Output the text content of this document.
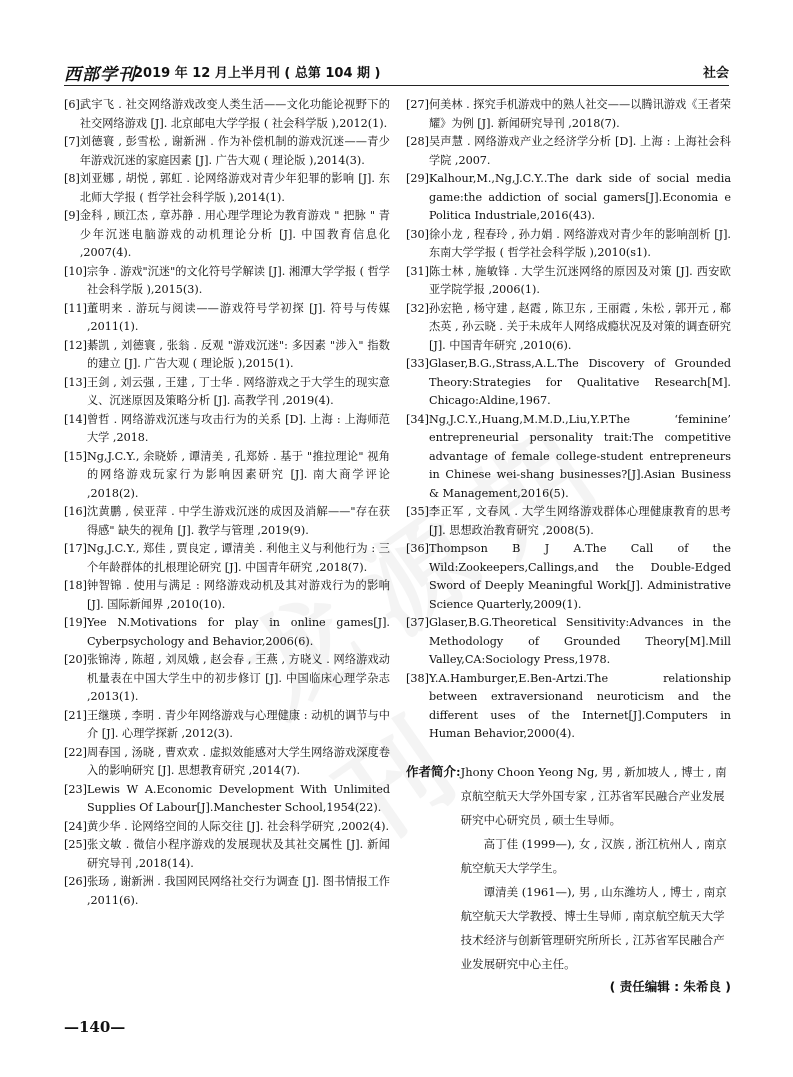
西部学刊
2019 年 12 月上半月刊 ( 总第 104 期 )	社会
[6] 武宇飞 . 社交网络游戏改变人类生活——文化功能论视野下的社交网络游戏 [J]. 北京邮电大学学报 ( 社会科学版 ),2012(1).
[7] 刘德寰 , 彭雪松 , 谢新洲 . 作为补偿机制的游戏沉迷——青少年游戏沉迷的家庭因素 [J]. 广告大观 ( 理论版 ),2014(3).
[8] 刘亚娜 , 胡悦 , 郭虹 . 论网络游戏对青少年犯罪的影响 [J]. 东北师大学报 ( 哲学社会科学版 ),2014(1).
[9] 金科 , 顾江杰 , 章苏静 . 用心理学理论为教育游戏 " 把脉 " 青少年沉迷电脑游戏的动机理论分析 [J]. 中国教育信息化 ,2007(4).
[10] 宗争 . 游戏"沉迷"的文化符号学解读 [J]. 湘潭大学学报 ( 哲学社会科学版 ),2015(3).
[11] 董明来 . 游玩与阅读——游戏符号学初探 [J]. 符号与传媒 ,2011(1).
[12] 綦凯 , 刘德寰 , 张翁 . 反观 "游戏沉迷": 多因素 "涉入" 指数的建立 [J]. 广告大观 ( 理论版 ),2015(1).
[13] 王剑 , 刘云强 , 王建 , 丁士华 . 网络游戏之于大学生的现实意义、沉迷原因及策略分析 [J]. 高教学刊 ,2019(4).
[14] 曾哲 . 网络游戏沉迷与攻击行为的关系 [D]. 上海 : 上海师范大学 ,2018.
[15] Ng,J.C.Y., 余晓娇 , 谭清美 , 孔郑娇 . 基于 "推拉理论" 视角的网络游戏玩家行为影响因素研究 [J]. 南大商学评论 ,2018(2).
[16] 沈黄鹏 , 侯亚萍 . 中学生游戏沉迷的成因及消解——"存在获得感" 缺失的视角 [J]. 教学与管理 ,2019(9).
[17] Ng,J.C.Y., 郑佳 , 贾良定 , 谭清美 . 利他主义与利他行为 : 三个年龄群体的扎根理论研究 [J]. 中国青年研究 ,2018(7).
[18] 钟智锦 . 使用与满足 : 网络游戏动机及其对游戏行为的影响 [J]. 国际新闻界 ,2010(10).
[19] Yee N.Motivations for play in online games[J]. Cyberpsychology and Behavior,2006(6).
[20] 张锦涛 , 陈超 , 刘凤娥 , 赵会春 , 王燕 , 方晓义 . 网络游戏动机量表在中国大学生中的初步修订 [J]. 中国临床心理学杂志 ,2013(1).
[21] 王继瑛 , 李明 . 青少年网络游戏与心理健康 : 动机的调节与中介 [J]. 心理学探新 ,2012(3).
[22] 周春国 , 汤晓 , 曹欢欢 . 虚拟效能感对大学生网络游戏深度卷入的影响研究 [J]. 思想教育研究 ,2014(7).
[23] Lewis W A.Economic Development With Unlimited Supplies Of Labour[J].Manchester School,1954(22).
[24] 黄少华 . 论网络空间的人际交往 [J]. 社会科学研究 ,2002(4).
[25] 张文敏 . 微信小程序游戏的发展现状及其社交属性 [J]. 新闻研究导刊 ,2018(14).
[26] 张玚 , 谢新洲 . 我国网民网络社交行为调查 [J]. 图书情报工作 ,2011(6).
[27] 何美林 . 探究手机游戏中的熟人社交——以腾讯游戏《王者荣耀》为例 [J]. 新闻研究导刊 ,2018(7).
[28] 吴声慧 . 网络游戏产业之经济学分析 [D]. 上海 : 上海社会科学院 ,2007.
[29] Kalhour,M.,Ng,J.C.Y..The dark side of social media game:the addiction of social gamers[J].Economia e Politica Industriale,2016(43).
[30] 徐小龙 , 程春玲 , 孙力娟 . 网络游戏对青少年的影响剖析 [J]. 东南大学学报 ( 哲学社会科学版 ),2010(s1).
[31] 陈士林 , 施敏锋 . 大学生沉迷网络的原因及对策 [J]. 西安欧亚学院学报 ,2006(1).
[32] 孙宏艳 , 杨守建 , 赵霞 , 陈卫东 , 王丽霞 , 朱松 , 郭开元 , 郗杰英 , 孙云晓 . 关于未成年人网络成瘾状况及对策的调查研究 [J]. 中国青年研究 ,2010(6).
[33] Glaser,B.G.,Strass,A.L.The Discovery of Grounded Theory:Strategies for Qualitative Research[M]. Chicago:Aldine,1967.
[34] Ng,J.C.Y.,Huang,M.M.D.,Liu,Y.P.The ‘feminine’ entrepreneurial personality trait:The competitive advantage of female college-student entrepreneurs in Chinese wei-shang businesses?[J].Asian Business & Management,2016(5).
[35] 李正军 , 文春风 . 大学生网络游戏群体心理健康教育的思考 [J]. 思想政治教育研究 ,2008(5).
[36] Thompson B J A.The Call of the Wild:Zookeepers,Callings,and the Double-Edged Sword of Deeply Meaningful Work[J]. Administrative Science Quarterly,2009(1).
[37] Glaser,B.G.Theoretical Sensitivity:Advances in the Methodology of Grounded Theory[M].Mill Valley,CA:Sociology Press,1978.
[38] Y.A.Hamburger,E.Ben-Artzi.The relationship between extraversionand neuroticism and the different uses of the Internet[J].Computers in Human Behavior,2000(4).
作者简介: Jhony Choon Yeong Ng, 男 , 新加坡人 , 博士 , 南京航空航天大学外国专家 , 江苏省军民融合产业发展研究中心研究员 , 硕士生导师。

高丁佳 (1999—), 女 , 汉族 , 浙江杭州人 , 南京航空航天大学学生。

谭清美 (1961—), 男 , 山东潍坊人 , 博士 , 南京航空航天大学教授、博士生导师 , 南京航空航天大学技术经济与创新管理研究所所长 , 江苏省军民融合产业发展研究中心主任。

( 责任编辑 : 朱希良 )
—140—
